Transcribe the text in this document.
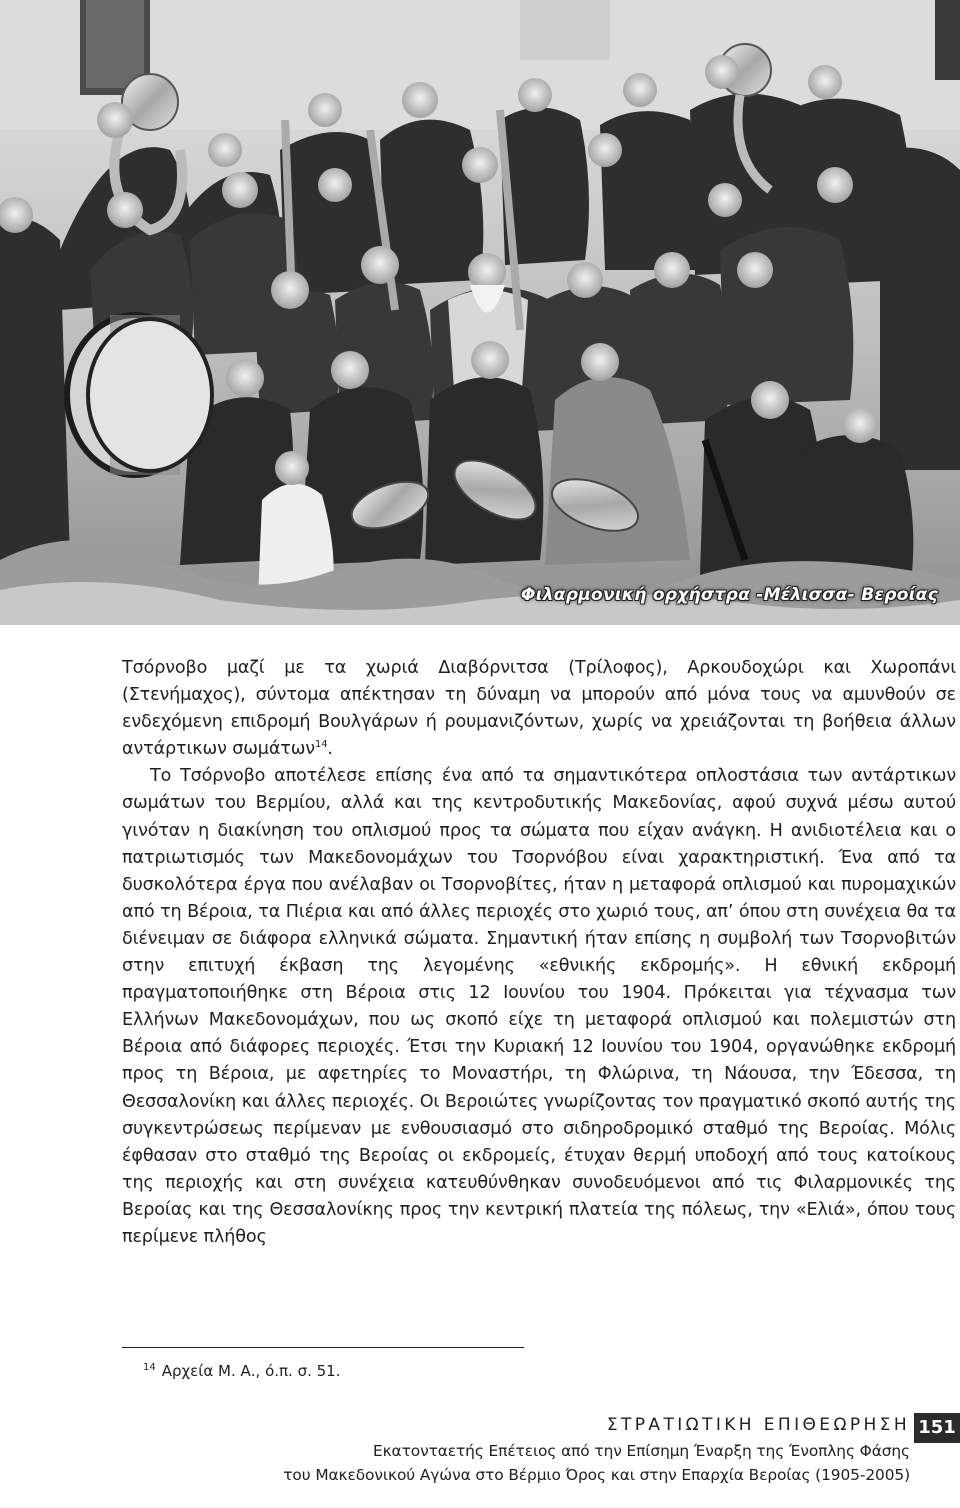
Φιλαρμονική ορχήστρα -Μέλισσα- Βεροίας

Τσόρνοβο μαζί με τα χωριά Διαβόρνιτσα (Τρίλοφος), Αρκουδοχώρι και Χωροπάνι (Στενήμαχος), σύντομα απέκτησαν τη δύναμη να μπορούν από μόνα τους να αμυνθούν σε ενδεχόμενη επιδρομή Βουλγάρων ή ρουμανιζόντων, χωρίς να χρειάζονται τη βοήθεια άλλων αντάρτικων σωμάτων$^{14}$.

Το Τσόρνοβο αποτέλεσε επίσης ένα από τα σημαντικότερα οπλοστάσια των αντάρτικων σωμάτων του Βερμίου, αλλά και της κεντροδυτικής Μακεδονίας, αφού συχνά μέσω αυτού γινόταν η διακίνηση του οπλισμού προς τα σώματα που είχαν ανάγκη. Η ανιδιοτέλεια και ο πατριωτισμός των Μακεδονομάχων του Τσορνόβου είναι χαρακτηριστική. Ένα από τα δυσκολότερα έργα που ανέλαβαν οι Τσορνοβίτες, ήταν η μεταφορά οπλισμού και πυρομαχικών από τη Βέροια, τα Πιέρια και από άλλες περιοχές στο χωριό τους, απ’ όπου στη συνέχεια θα τα διένειμαν σε διάφορα ελληνικά σώματα. Σημαντική ήταν επίσης η συμβολή των Τσορνοβιτών στην επιτυχή έκβαση της λεγομένης «εθνικής εκδρομής». Η εθνική εκδρομή πραγματοποιήθηκε στη Βέροια στις 12 Ιουνίου του 1904. Πρόκειται για τέχνασμα των Ελλήνων Μακεδονομάχων, που ως σκοπό είχε τη μεταφορά οπλισμού και πολεμιστών στη Βέροια από διάφορες περιοχές. Έτσι την Κυριακή 12 Ιουνίου του 1904, οργανώθηκε εκδρομή προς τη Βέροια, με αφετηρίες το Μοναστήρι, τη Φλώρινα, τη Νάουσα, την Έδεσσα, τη Θεσσαλονίκη και άλλες περιοχές. Οι Βεροιώτες γνωρίζοντας τον πραγματικό σκοπό αυτής της συγκεντρώσεως περίμεναν με ενθουσιασμό στο σιδηροδρομικό σταθμό της Βεροίας. Μόλις έφθασαν στο σταθμό της Βεροίας οι εκδρομείς, έτυχαν θερμή υποδοχή από τους κατοίκους της περιοχής και στη συνέχεια κατευθύνθηκαν συνοδευόμενοι από τις Φιλαρμονικές της Βεροίας και της Θεσσαλονίκης προς την κεντρική πλατεία της πόλεως, την «Ελιά», όπου τους περίμενε πλήθος

$^{14}$ Αρχεία Μ. Α., ό.π. σ. 51.
ΣΤΡΑΤΙΩΤΙΚΗ ΕΠΙΘΕΩΡΗΣΗ 151
Εκατονταετής Επέτειος από την Επίσημη Έναρξη της Ένοπλης Φάσης
του Μακεδονικού Αγώνα στο Βέρμιο Όρος και στην Επαρχία Βεροίας (1905-2005)
